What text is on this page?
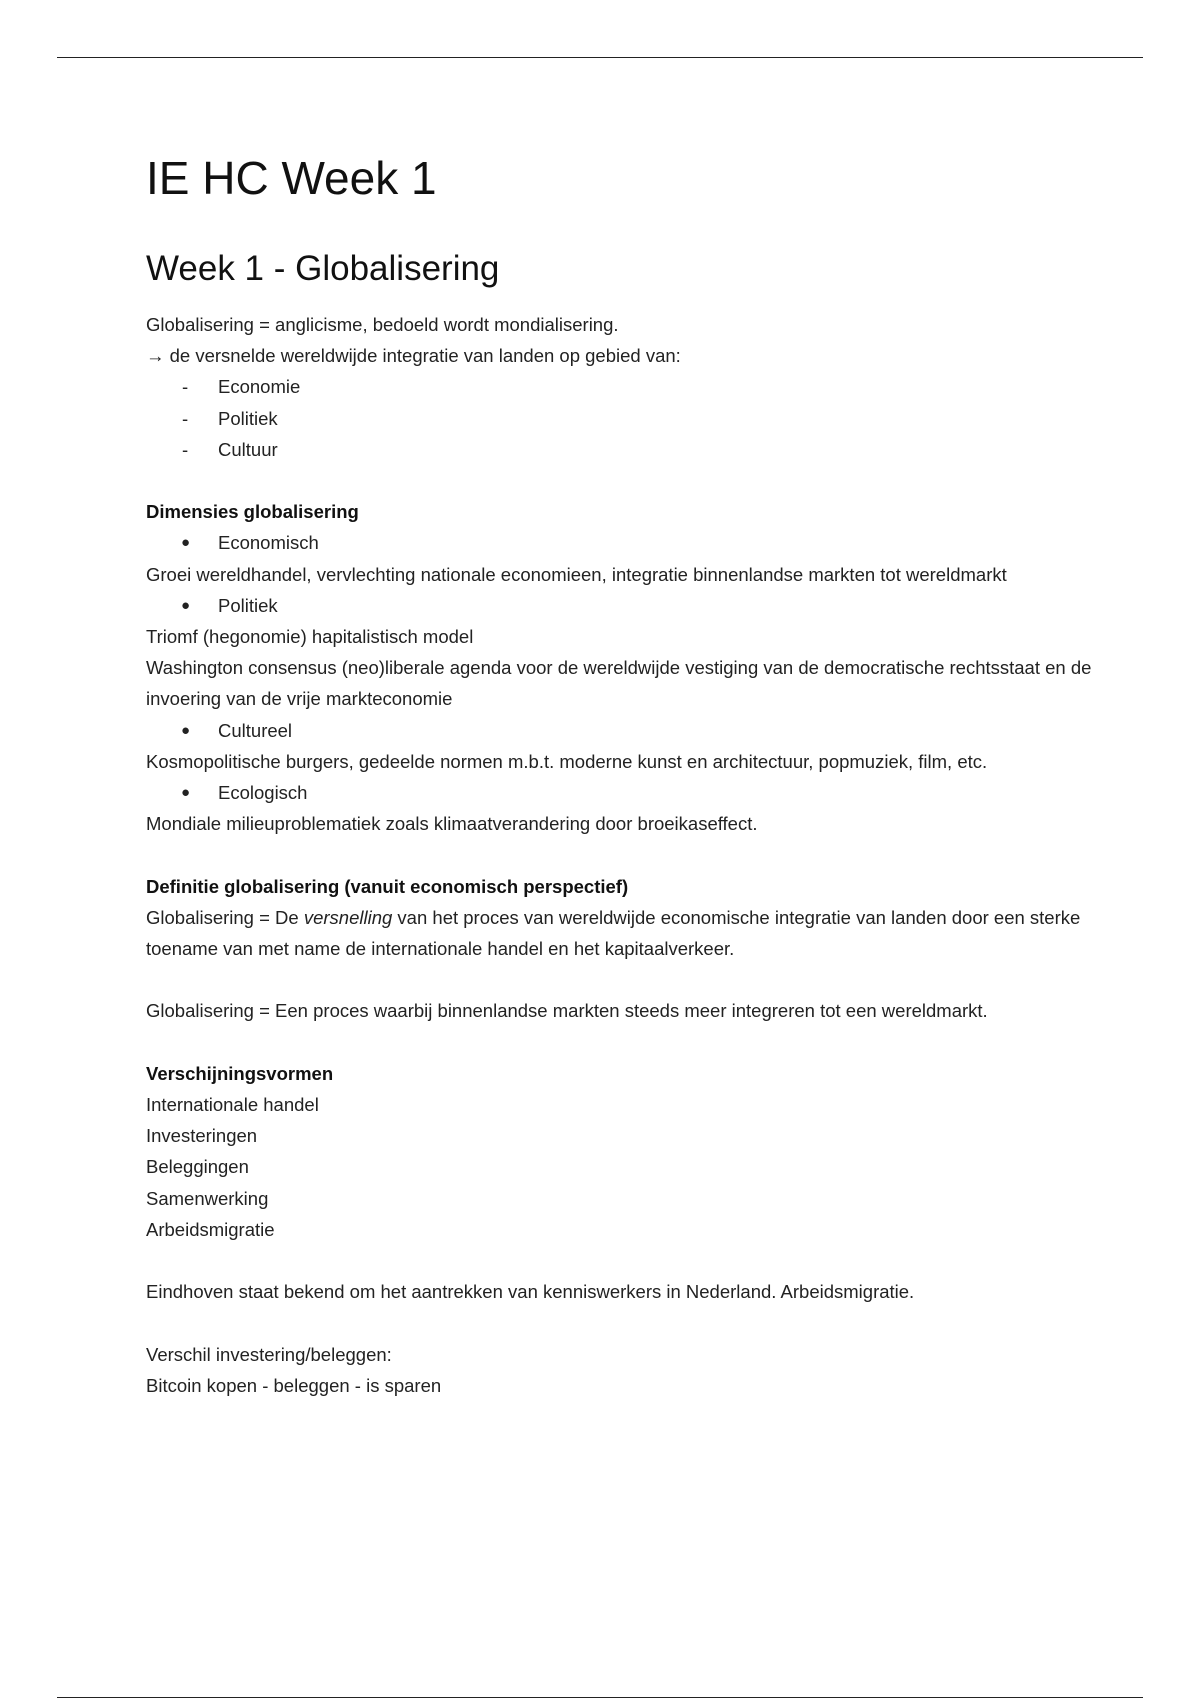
IE HC Week 1
Week 1 - Globalisering

Globalisering = anglicisme, bedoeld wordt mondialisering.

→ de versnelde wereldwijde integratie van landen op gebied van:

- Economie

- Politiek

- Cultuur

Dimensies globalisering

● Economisch

Groei wereldhandel, vervlechting nationale economieen, integratie binnenlandse markten tot wereldmarkt

● Politiek

Triomf (hegonomie) hapitalistisch model

Washington consensus (neo)liberale agenda voor de wereldwijde vestiging van de democratische rechtsstaat en de invoering van de vrije markteconomie

● Cultureel

Kosmopolitische burgers, gedeelde normen m.b.t. moderne kunst en architectuur, popmuziek, film, etc.

● Ecologisch

Mondiale milieuproblematiek zoals klimaatverandering door broeikaseffect.

Definitie globalisering (vanuit economisch perspectief)

Globalisering = De versnelling van het proces van wereldwijde economische integratie van landen door een sterke toename van met name de internationale handel en het kapitaalverkeer.

Globalisering = Een proces waarbij binnenlandse markten steeds meer integreren tot een wereldmarkt.

Verschijningsvormen

Internationale handel

Investeringen

Beleggingen

Samenwerking

Arbeidsmigratie

Eindhoven staat bekend om het aantrekken van kenniswerkers in Nederland. Arbeidsmigratie.

Verschil investering/beleggen:

Bitcoin kopen - beleggen - is sparen
